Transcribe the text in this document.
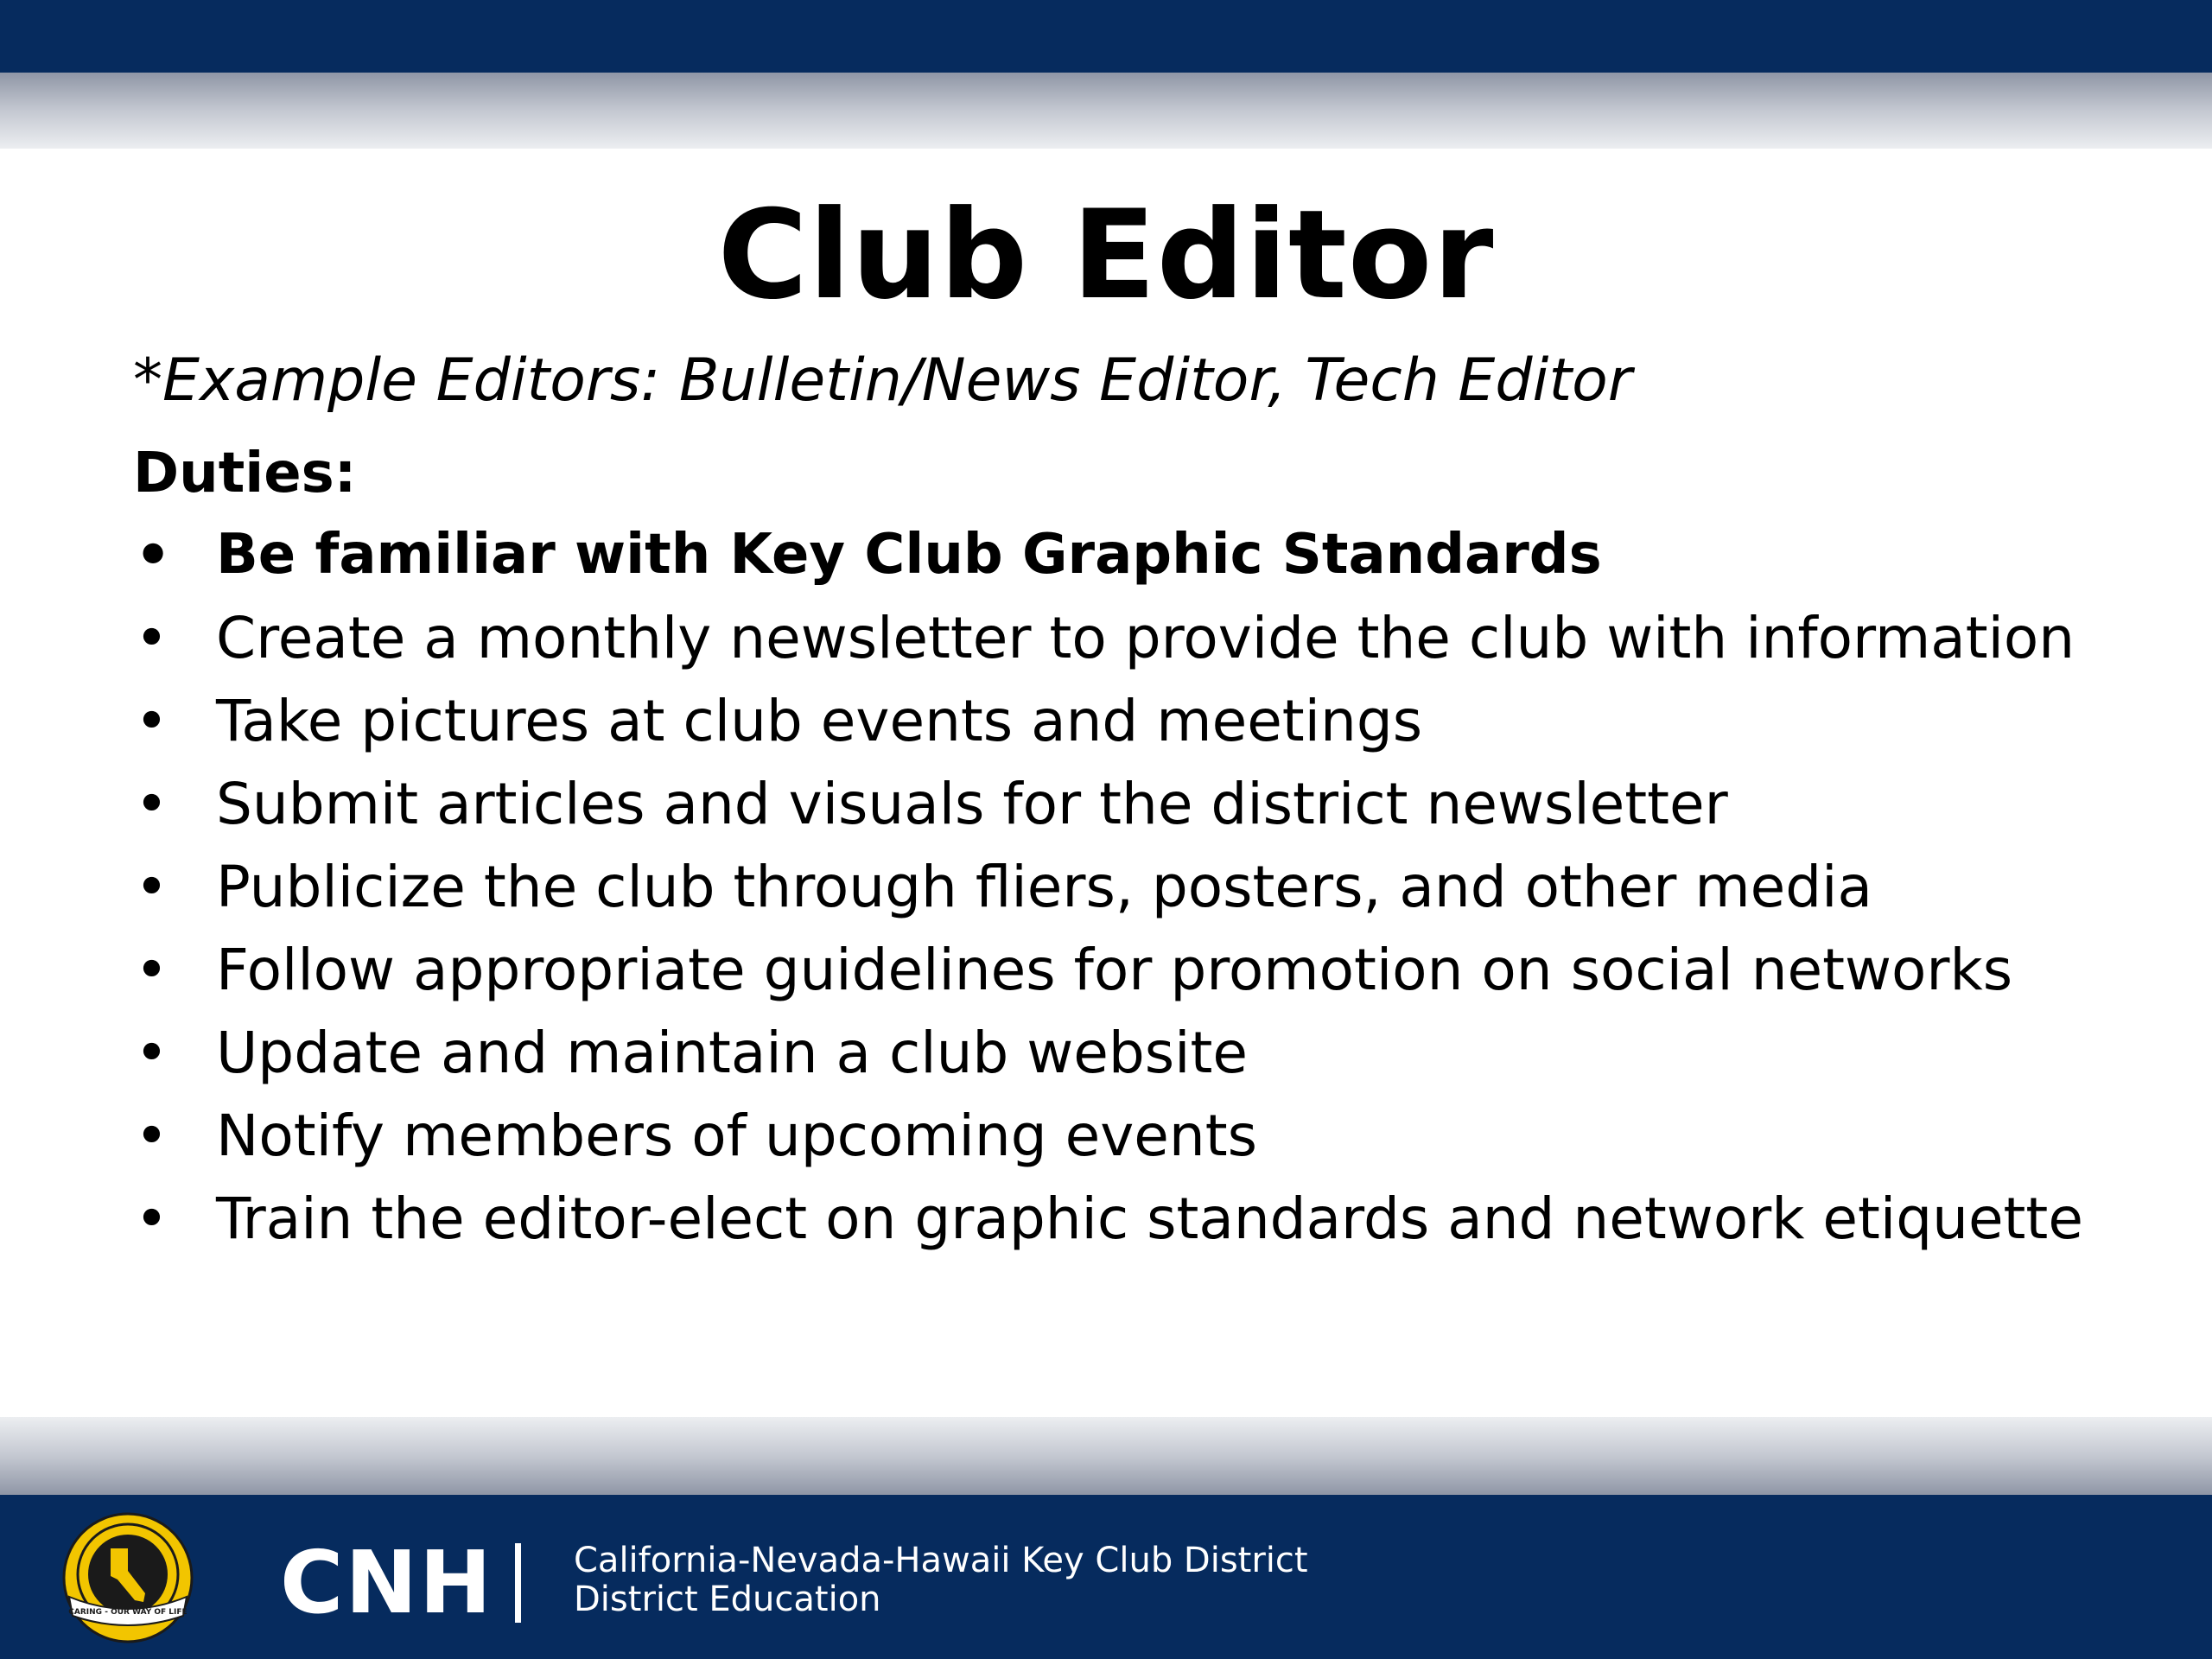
Club Editor
*Example Editors: Bulletin/News Editor, Tech Editor
Duties:
• Be familiar with Key Club Graphic Standards
• Create a monthly newsletter to provide the club with information
• Take pictures at club events and meetings
• Submit articles and visuals for the district newsletter
• Publicize the club through fliers, posters, and other media
• Follow appropriate guidelines for promotion on social networks
• Update and maintain a club website
• Notify members of upcoming events
• Train the editor-elect on graphic standards and network etiquette
CARING - OUR WAY OF LIFE CNH California-Nevada-Hawaii Key Club District
District Education
